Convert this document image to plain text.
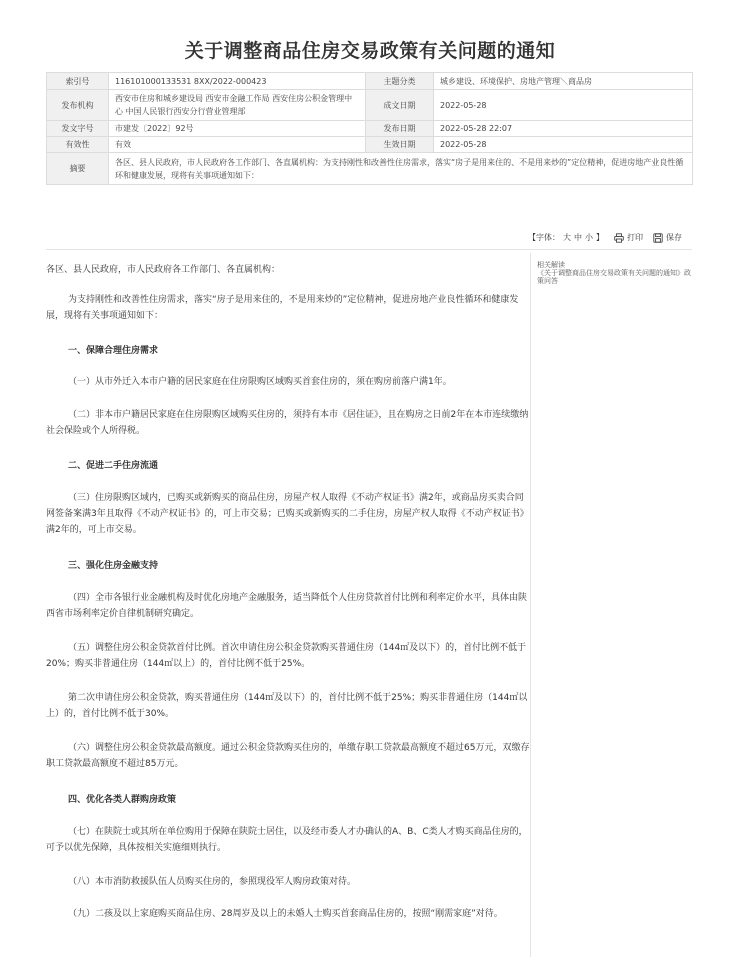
关于调整商品住房交易政策有关问题的通知
索引号	116101000133531 8XX/2022-000423	主题分类	城乡建设、环境保护、房地产管理＼商品房
发布机构	西安市住房和城乡建设局 西安市金融工作局 西安住房公积金管理中心 中国人民银行西安分行营业管理部	成文日期	2022-05-28
发文字号	市建发〔2022〕92号	发布日期	2022-05-28 22:07
有效性	有效	生效日期	2022-05-28
摘要	各区、县人民政府，市人民政府各工作部门、各直属机构：为支持刚性和改善性住房需求，落实“房子是用来住的、不是用来炒的”定位精神，促进房地产业良性循环和健康发展，现将有关事项通知如下：		
【字体： 大 中 小 】	打印	保存
相关解读
《关于调整商品住房交易政策有关问题的通知》政策问答

各区、县人民政府，市人民政府各工作部门、各直属机构：

为支持刚性和改善性住房需求，落实“房子是用来住的，不是用来炒的”定位精神，促进房地产业良性循环和健康发展，现将有关事项通知如下：

一、保障合理住房需求

（一）从市外迁入本市户籍的居民家庭在住房限购区域购买首套住房的，须在购房前落户满1年。

（二）非本市户籍居民家庭在住房限购区域购买住房的，须持有本市《居住证》，且在购房之日前2年在本市连续缴纳社会保险或个人所得税。

二、促进二手住房流通

（三）住房限购区域内，已购买或新购买的商品住房，房屋产权人取得《不动产权证书》满2年，或商品房买卖合同网签备案满3年且取得《不动产权证书》的，可上市交易；已购买或新购买的二手住房，房屋产权人取得《不动产权证书》满2年的，可上市交易。

三、强化住房金融支持

（四）全市各银行业金融机构及时优化房地产金融服务，适当降低个人住房贷款首付比例和利率定价水平，具体由陕西省市场利率定价自律机制研究确定。

（五）调整住房公积金贷款首付比例。首次申请住房公积金贷款购买普通住房（144㎡及以下）的，首付比例不低于20%；购买非普通住房（144㎡以上）的，首付比例不低于25%。

第二次申请住房公积金贷款，购买普通住房（144㎡及以下）的，首付比例不低于25%；购买非普通住房（144㎡以上）的，首付比例不低于30%。

（六）调整住房公积金贷款最高额度。通过公积金贷款购买住房的，单缴存职工贷款最高额度不超过65万元，双缴存职工贷款最高额度不超过85万元。

四、优化各类人群购房政策

（七）在陕院士或其所在单位购用于保障在陕院士居住，以及经市委人才办确认的A、B、C类人才购买商品住房的，可予以优先保障，具体按相关实施细则执行。

（八）本市消防救援队伍人员购买住房的，参照现役军人购房政策对待。

（九）二孩及以上家庭购买商品住房、28周岁及以上的未婚人士购买首套商品住房的，按照“刚需家庭”对待。
